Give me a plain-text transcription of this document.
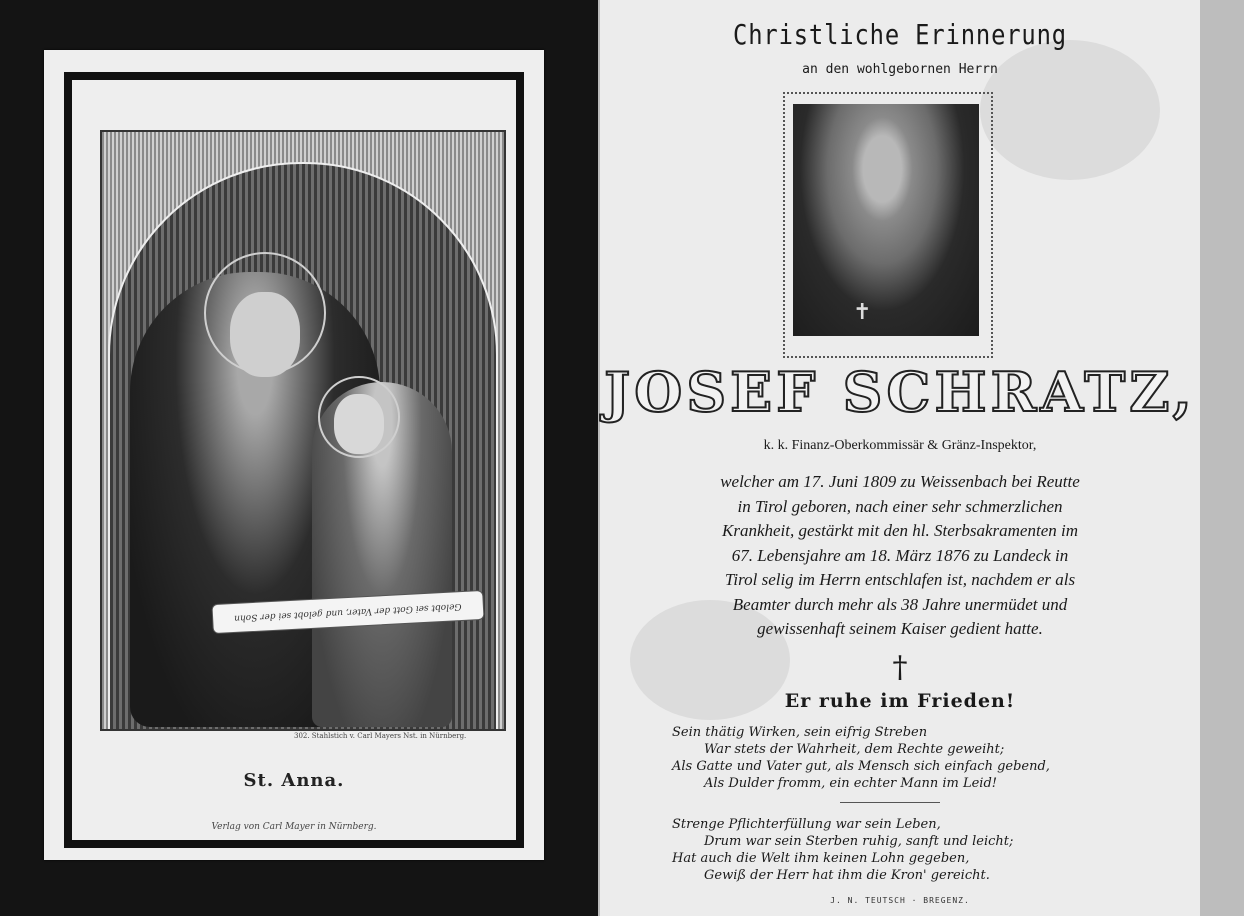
Gelobt sei Gott der Vater, und gelobt sei der Sohn
302. Stahlstich v. Carl Mayers Nst. in Nürnberg.
St. Anna.
Verlag von Carl Mayer in Nürnberg.
Christliche Erinnerung
an den wohlgebornen Herrn
✝
JOSEF SCHRATZ,
k. k. Finanz-Oberkommissär & Gränz-Inspektor,
welcher am 17. Juni 1809 zu Weissenbach bei Reutte
in Tirol geboren, nach einer sehr schmerzlichen
Krankheit, gestärkt mit den hl. Sterbsakramenten im
67. Lebensjahre am 18. März 1876 zu Landeck in
Tirol selig im Herrn entschlafen ist, nachdem er als
Beamter durch mehr als 38 Jahre unermüdet und
gewissenhaft seinem Kaiser gedient hatte.
†
Er ruhe im Frieden!
Sein thätig Wirken, sein eifrig Streben
War stets der Wahrheit, dem Rechte geweiht;
Als Gatte und Vater gut, als Mensch sich einfach gebend,
Als Dulder fromm, ein echter Mann im Leid!
Strenge Pflichterfüllung war sein Leben,
Drum war sein Sterben ruhig, sanft und leicht;
Hat auch die Welt ihm keinen Lohn gegeben,
Gewiß der Herr hat ihm die Kron' gereicht.
J. N. TEUTSCH · BREGENZ.
